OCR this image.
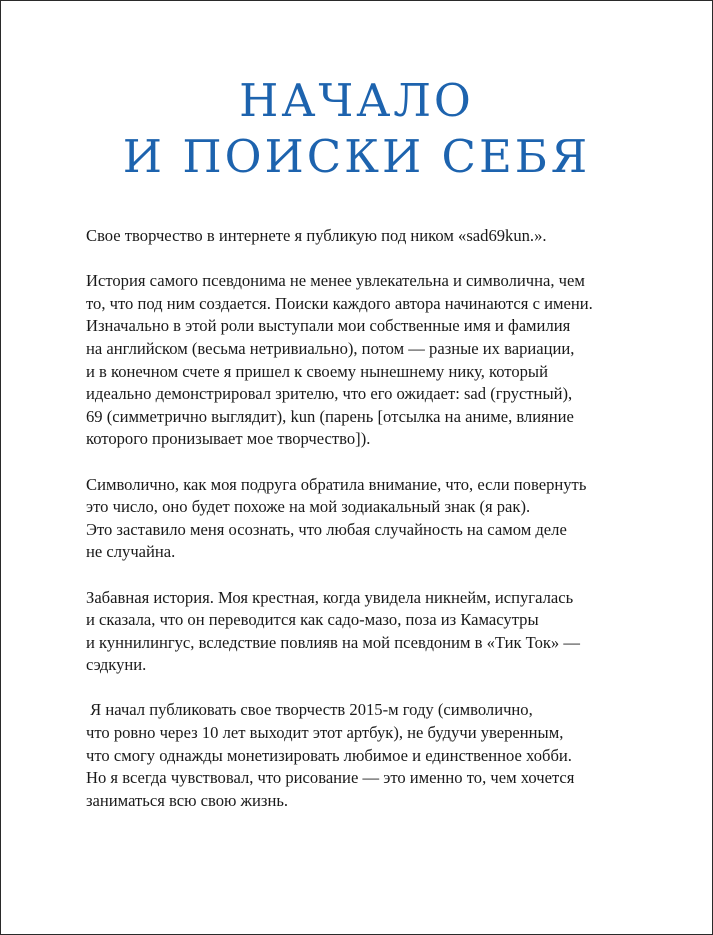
НАЧАЛО
И ПОИСКИ СЕБЯ

Свое творчество в интернете я публикую под ником «sad69kun.».

История самого псевдонима не менее увлекательна и символична, чем
то, что под ним создается. Поиски каждого автора начинаются с имени.
Изначально в этой роли выступали мои собственные имя и фамилия
на английском (весьма нетривиально), потом — разные их вариации,
и в конечном счете я пришел к своему нынешнему нику, который
идеально демонстрировал зрителю, что его ожидает: sad (грустный),
69 (симметрично выглядит), kun (парень [отсылка на аниме, влияние
которого пронизывает мое творчество]).

Символично, как моя подруга обратила внимание, что, если повернуть
это число, оно будет похоже на мой зодиакальный знак (я рак).
Это заставило меня осознать, что любая случайность на самом деле
не случайна.

Забавная история. Моя крестная, когда увидела никнейм, испугалась
и сказала, что он переводится как садо-мазо, поза из Камасутры
и куннилингус, вследствие повлияв на мой псевдоним в «Тик Ток» —
сэдкуни.

Я начал публиковать свое творчеств 2015-м году (символично,
что ровно через 10 лет выходит этот артбук), не будучи уверенным,
что смогу однажды монетизировать любимое и единственное хобби.
Но я всегда чувствовал, что рисование — это именно то, чем хочется
заниматься всю свою жизнь.
